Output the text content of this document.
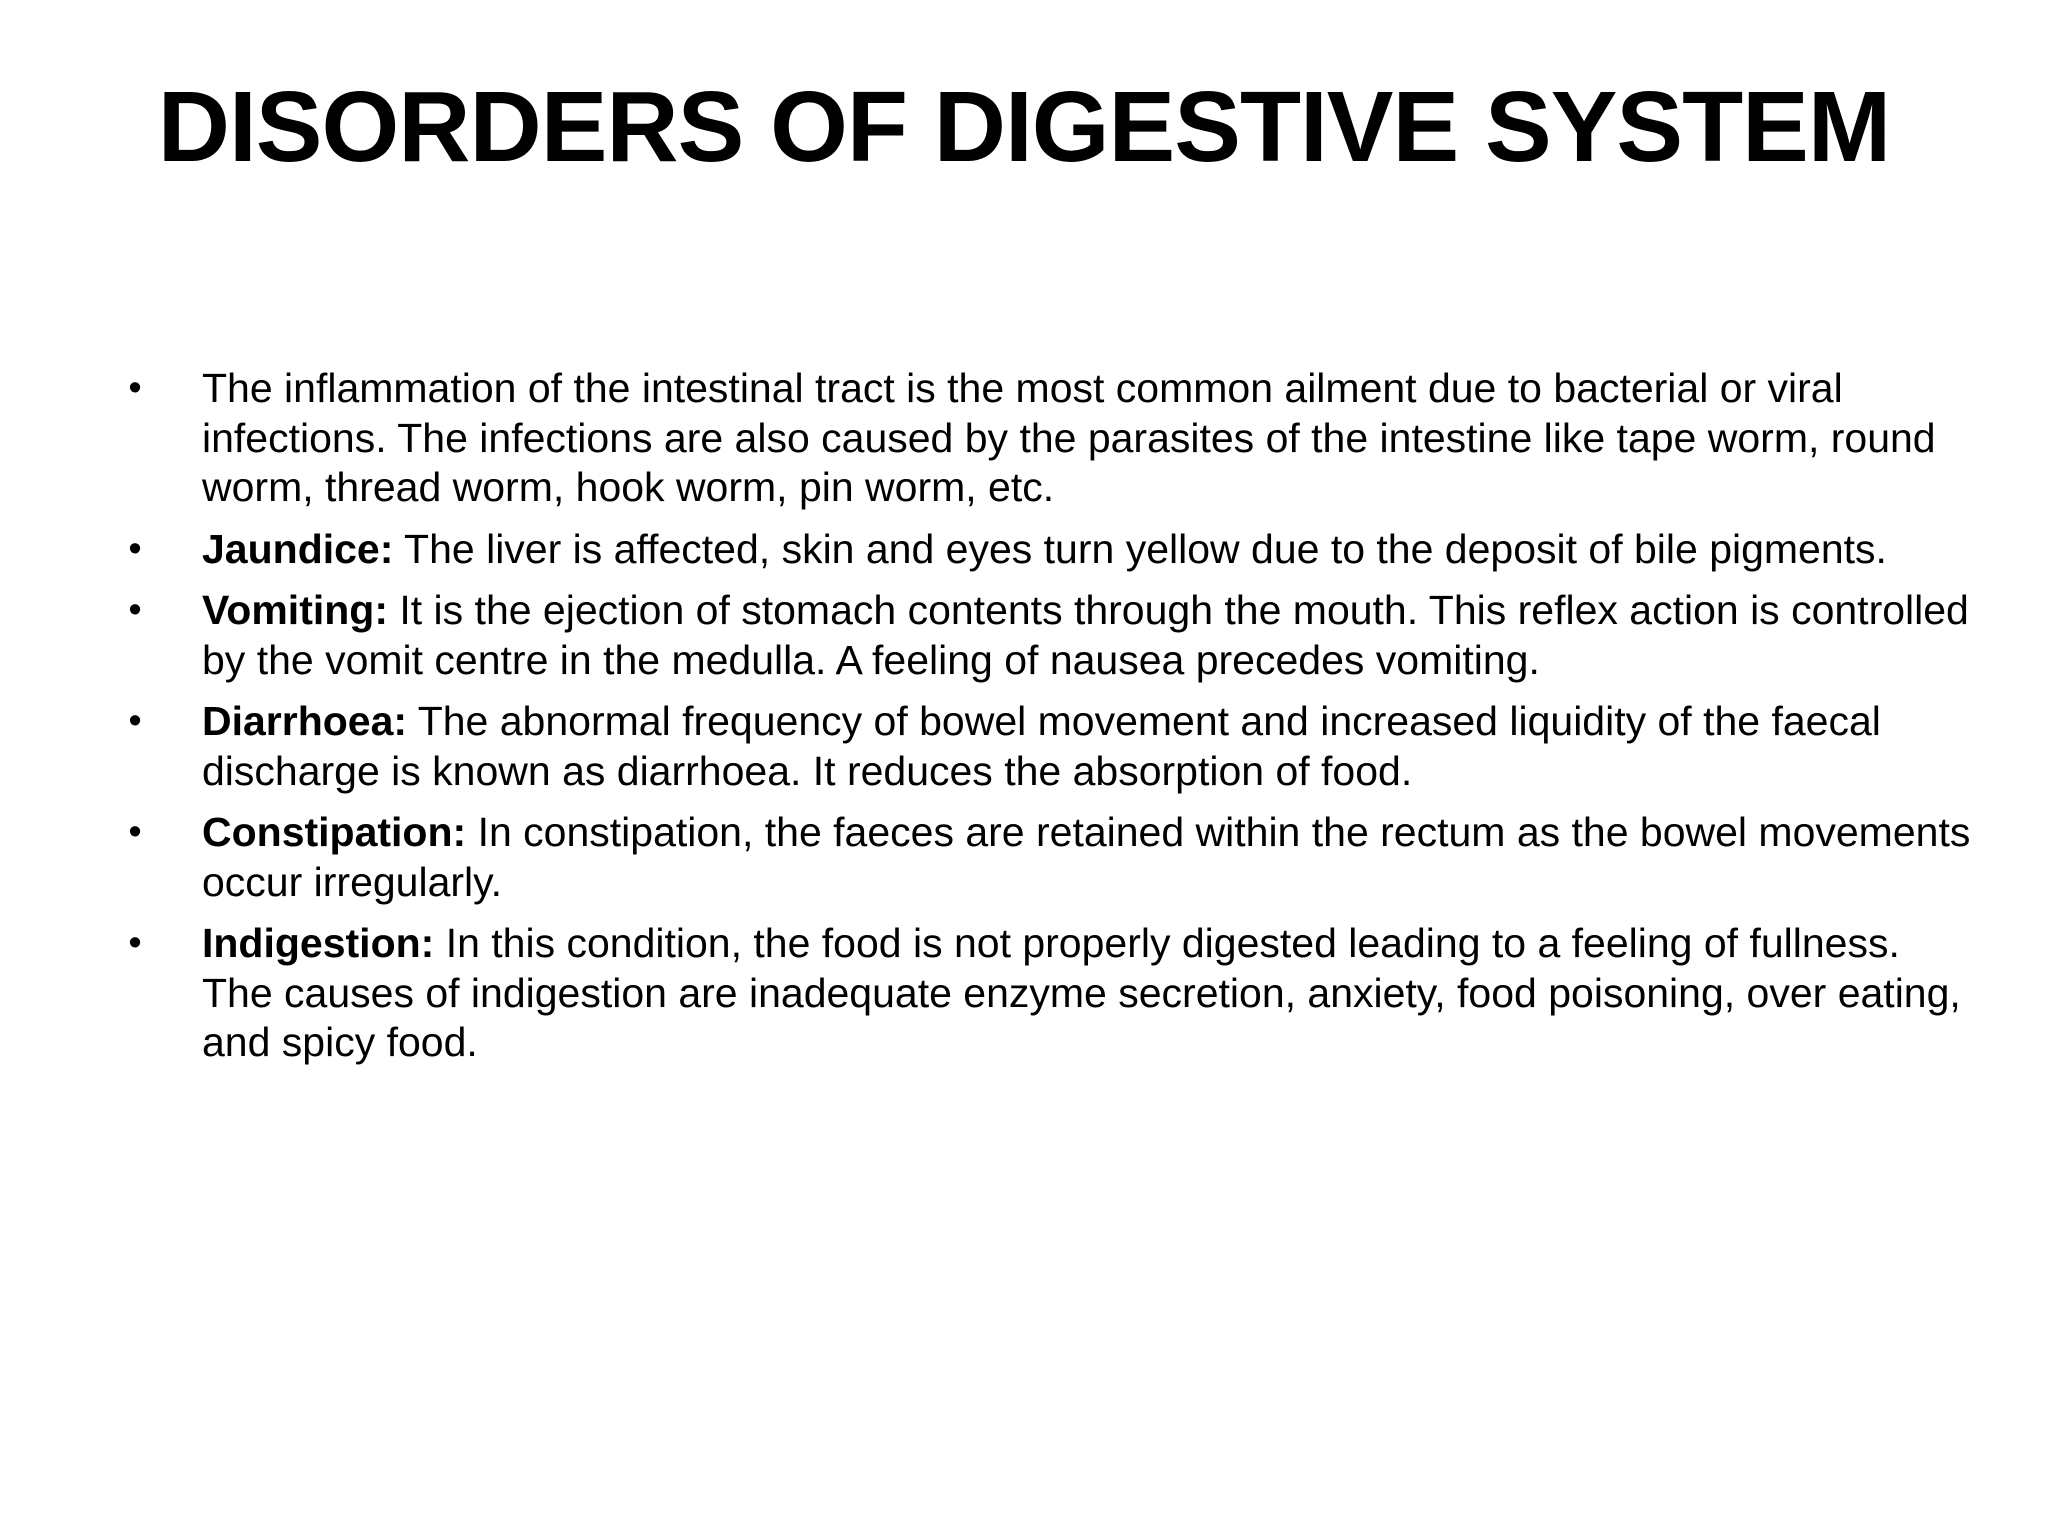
DISORDERS OF DIGESTIVE SYSTEM
• The inflammation of the intestinal tract is the most common ailment due to bacterial or viral infections. The infections are also caused by the parasites of the intestine like tape worm, round worm, thread worm, hook worm, pin worm, etc.
• Jaundice: The liver is affected, skin and eyes turn yellow due to the deposit of bile pigments.
• Vomiting: It is the ejection of stomach contents through the mouth. This reflex action is controlled by the vomit centre in the medulla. A feeling of nausea precedes vomiting.
• Diarrhoea: The abnormal frequency of bowel movement and increased liquidity of the faecal discharge is known as diarrhoea. It reduces the absorption of food.
• Constipation: In constipation, the faeces are retained within the rectum as the bowel movements occur irregularly.
• Indigestion: In this condition, the food is not properly digested leading to a feeling of fullness. The causes of indigestion are inadequate enzyme secretion, anxiety, food poisoning, over eating, and spicy food.
